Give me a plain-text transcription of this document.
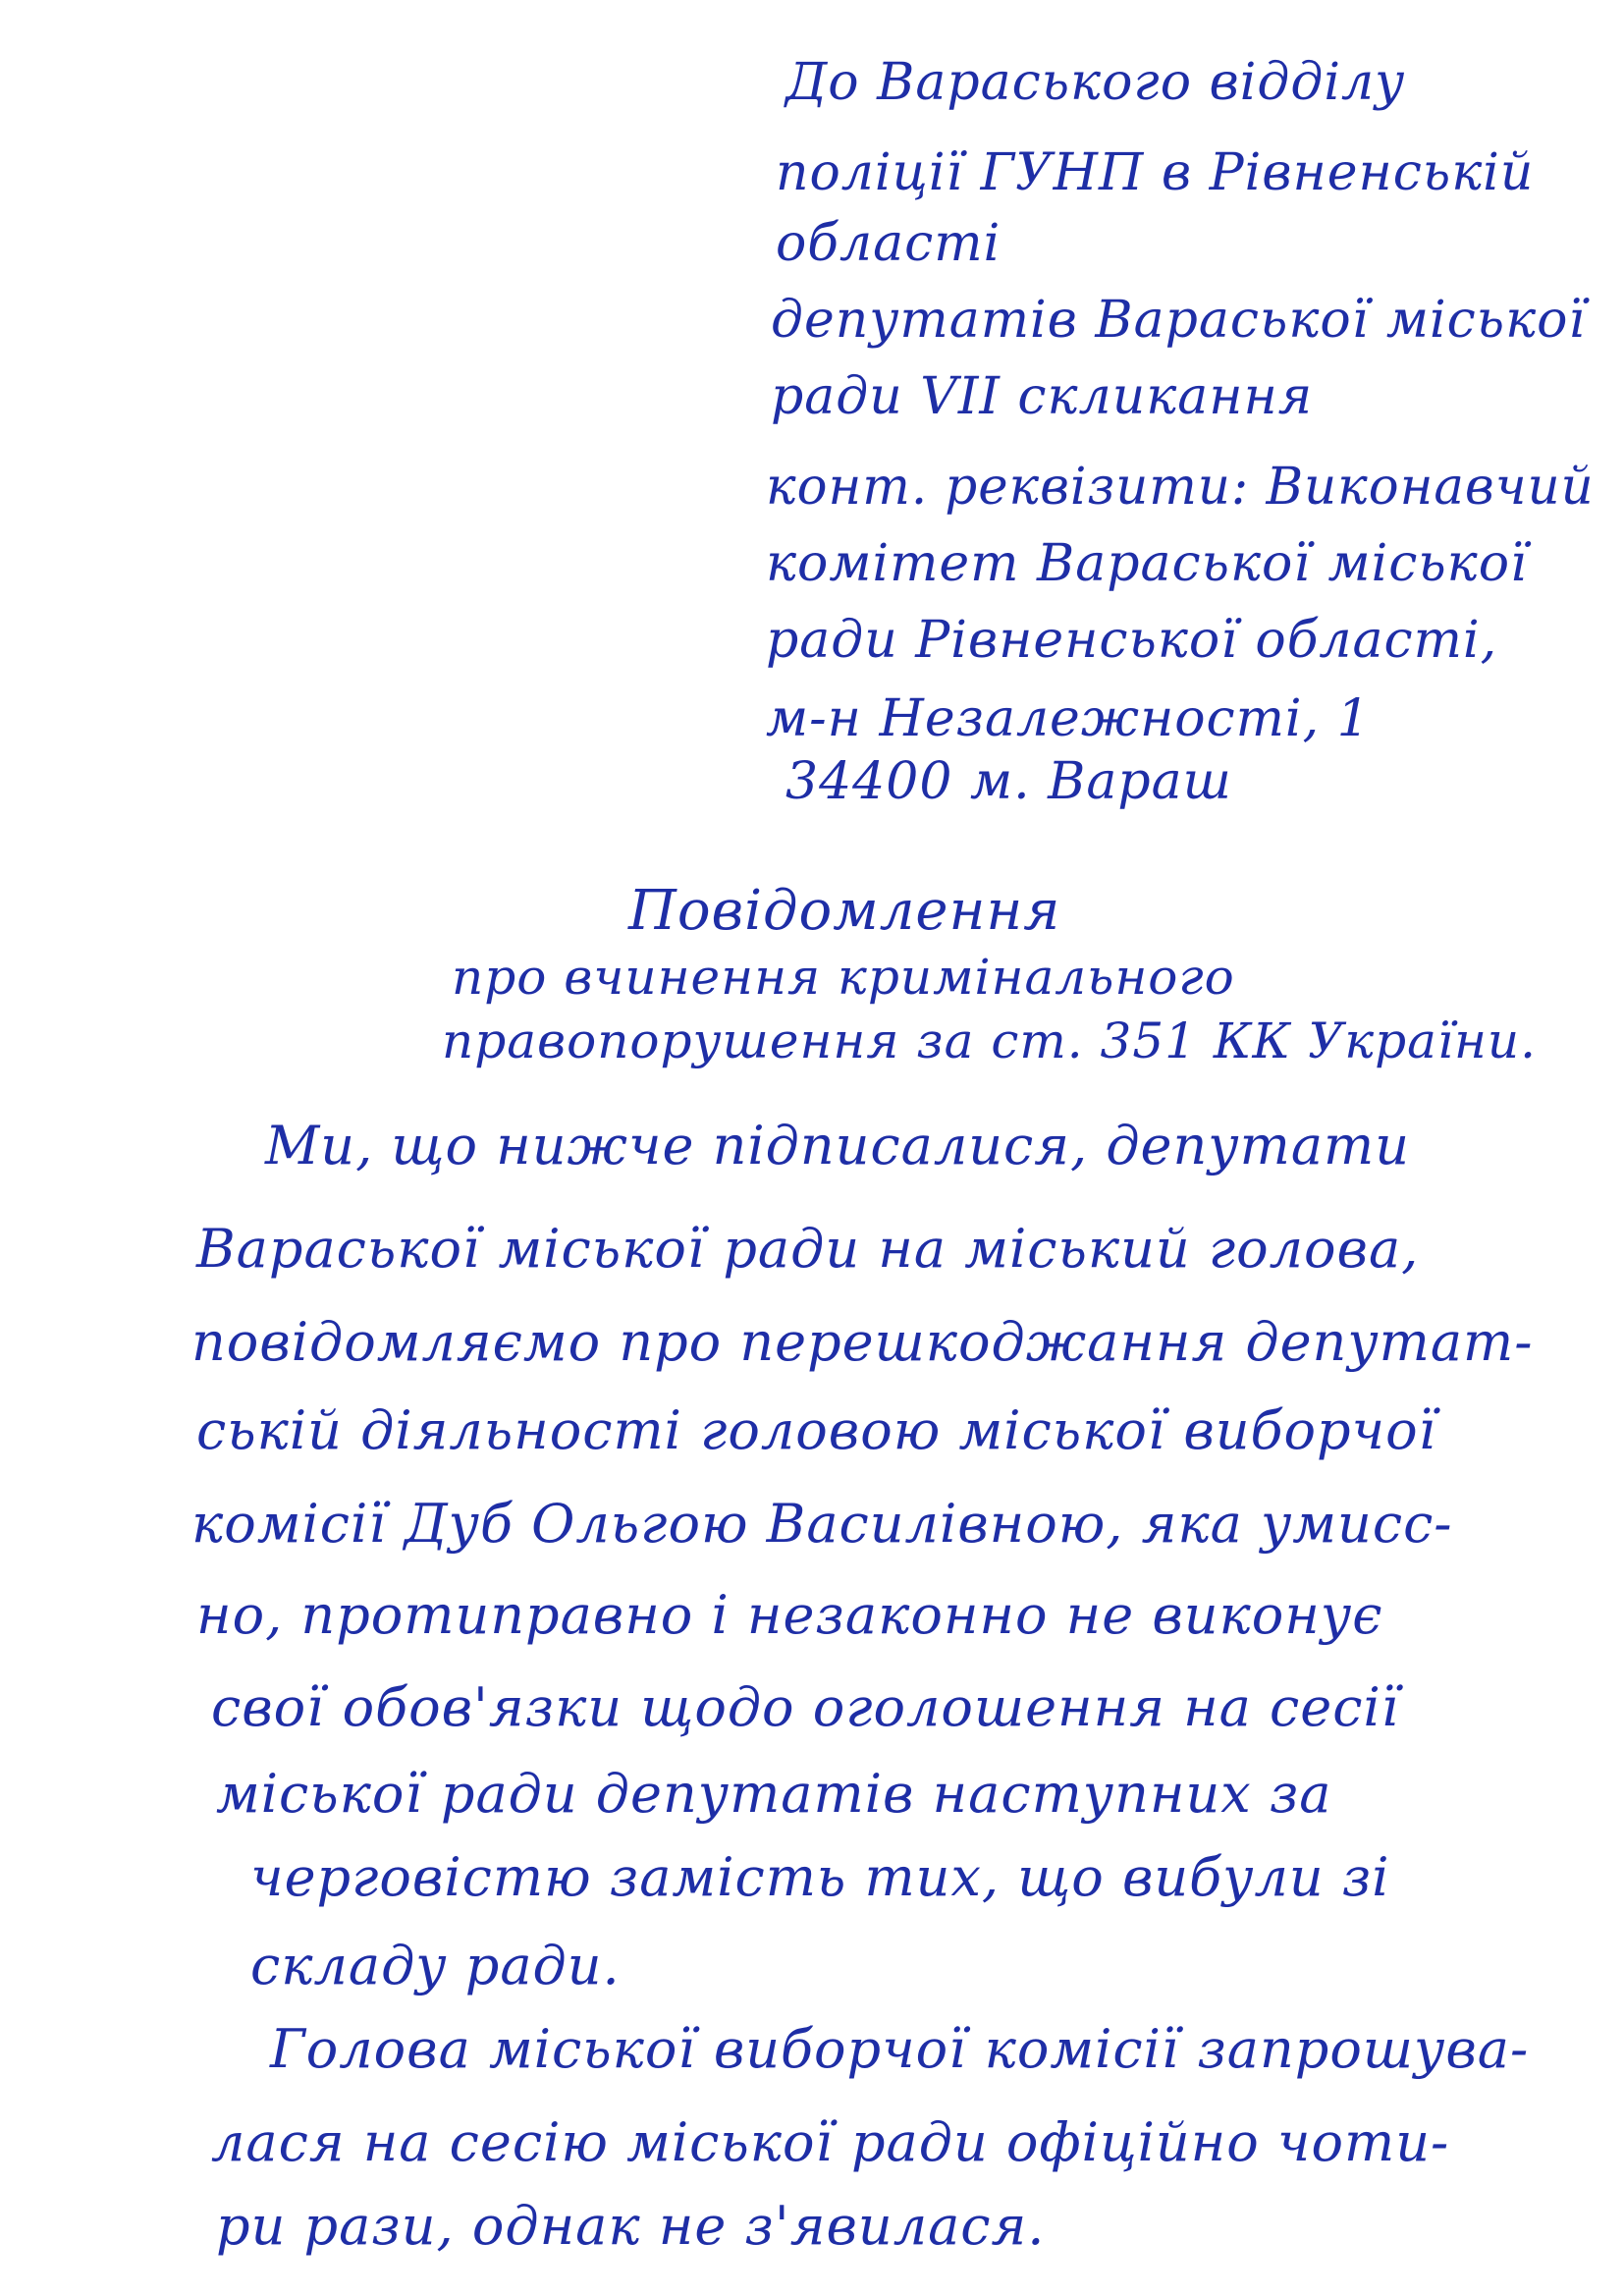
До Вараського відділу
поліції ГУНП в Рівненській
області
депутатів Вараської міської
ради VII скликання
конт. реквізити: Виконавчий
комітет Вараської міської
ради Рівненської області,
м-н Незалежності, 1
34400 м. Вараш
Повідомлення
про вчинення кримінального
правопорушення за ст. 351 КК України.
Ми, що нижче підписалися, депутати
Вараської міської ради на міський голова,
повідомляємо про перешкоджання депутат-
ській діяльності головою міської виборчої
комісії Дуб Ольгою Василівною, яка умисс-
но, протиправно і незаконно не виконує
свої обов'язки щодо оголошення на сесії
міської ради депутатів наступних за
черговістю замість тих, що вибули зі
складу ради.
Голова міської виборчої комісії запрошува-
лася на сесію міської ради офіційно чоти-
ри рази, однак не з'явилася.
